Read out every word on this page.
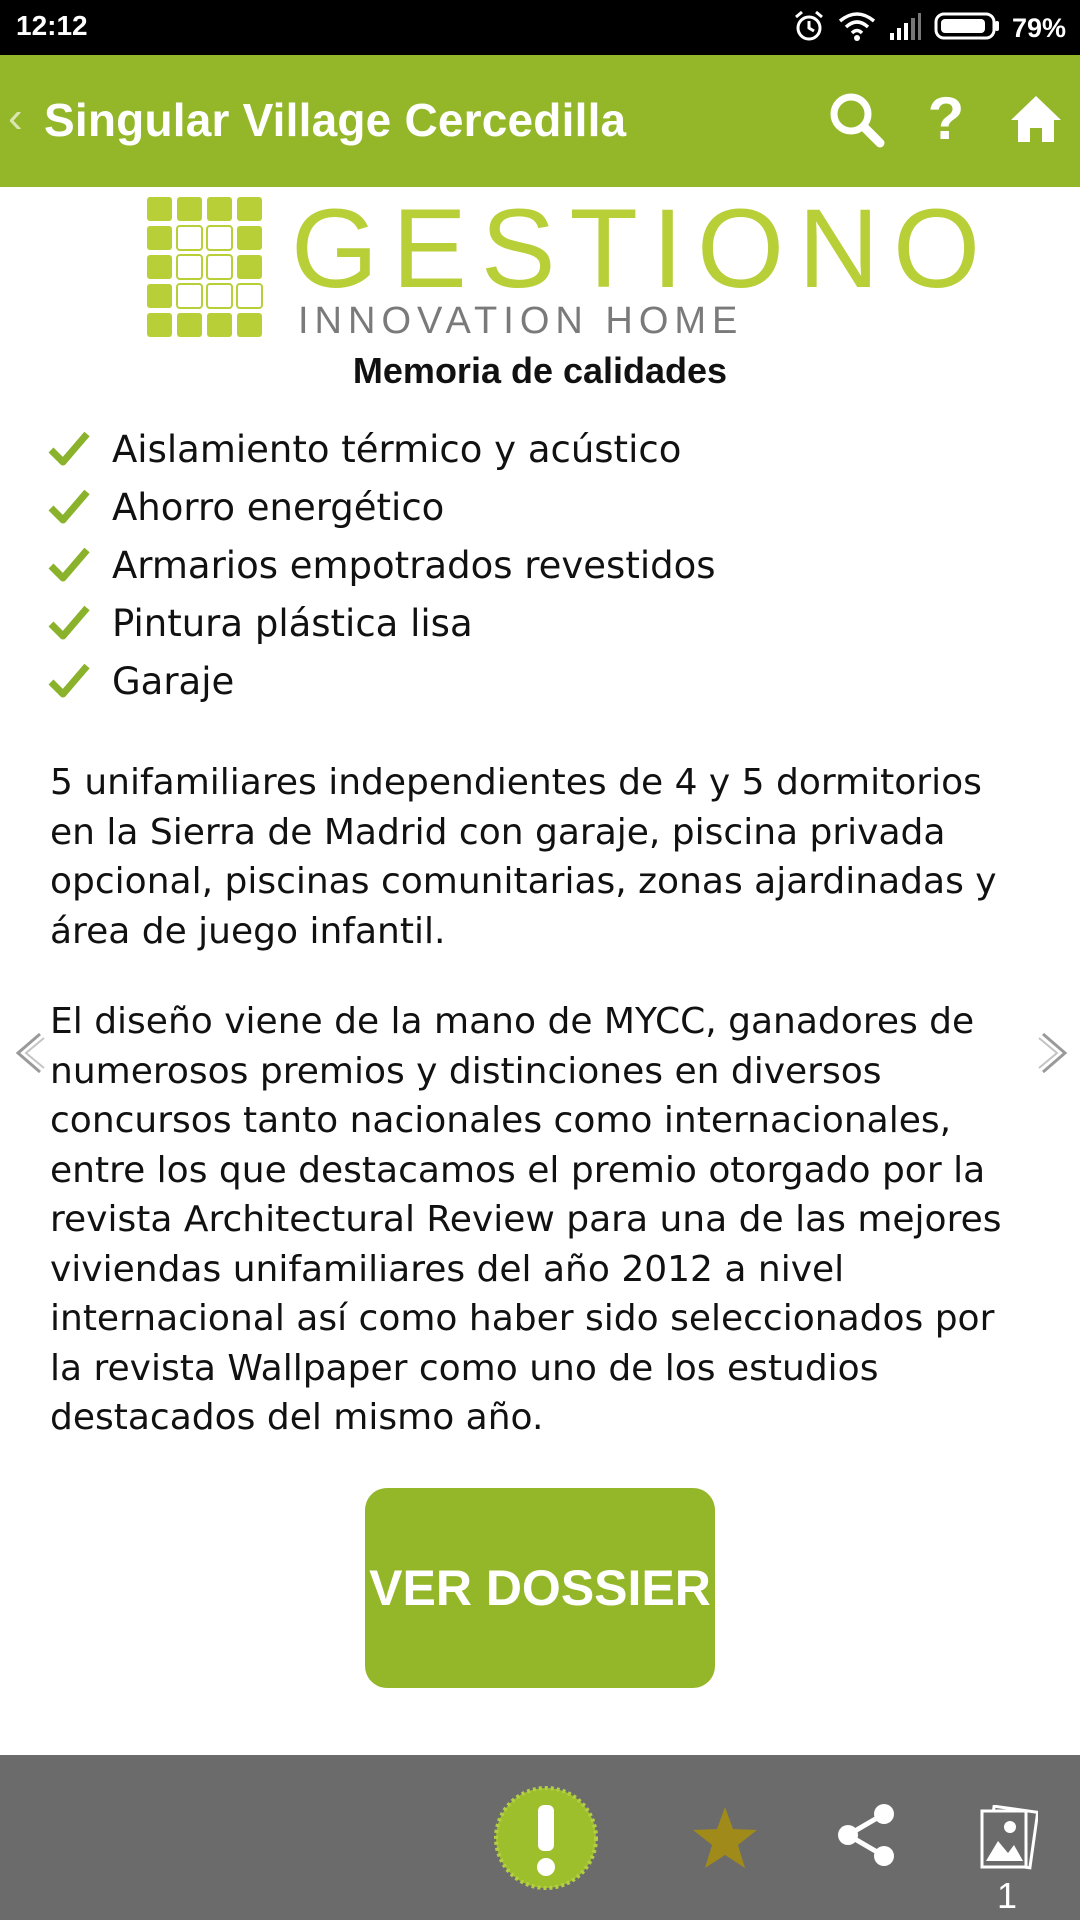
12:12	79%
‹ Singular Village Cercedilla	?
GESTIONO
INNOVATION HOME
Memoria de calidades
Aislamiento térmico y acústico
Ahorro energético
Armarios empotrados revestidos
Pintura plástica lisa
Garaje

5 unifamiliares independientes de 4 y 5 dormitorios en la Sierra de Madrid con garaje, piscina privada opcional, piscinas comunitarias, zonas ajardinadas y área de juego infantil.

El diseño viene de la mano de MYCC, ganadores de numerosos premios y distinciones en diversos concursos tanto nacionales como internacionales, entre los que destacamos el premio otorgado por la revista Architectural Review para una de las mejores viviendas unifamiliares del año 2012 a nivel internacional así como haber sido seleccionados por la revista Wallpaper como uno de los estudios destacados del mismo año.

VER DOSSIER
1
